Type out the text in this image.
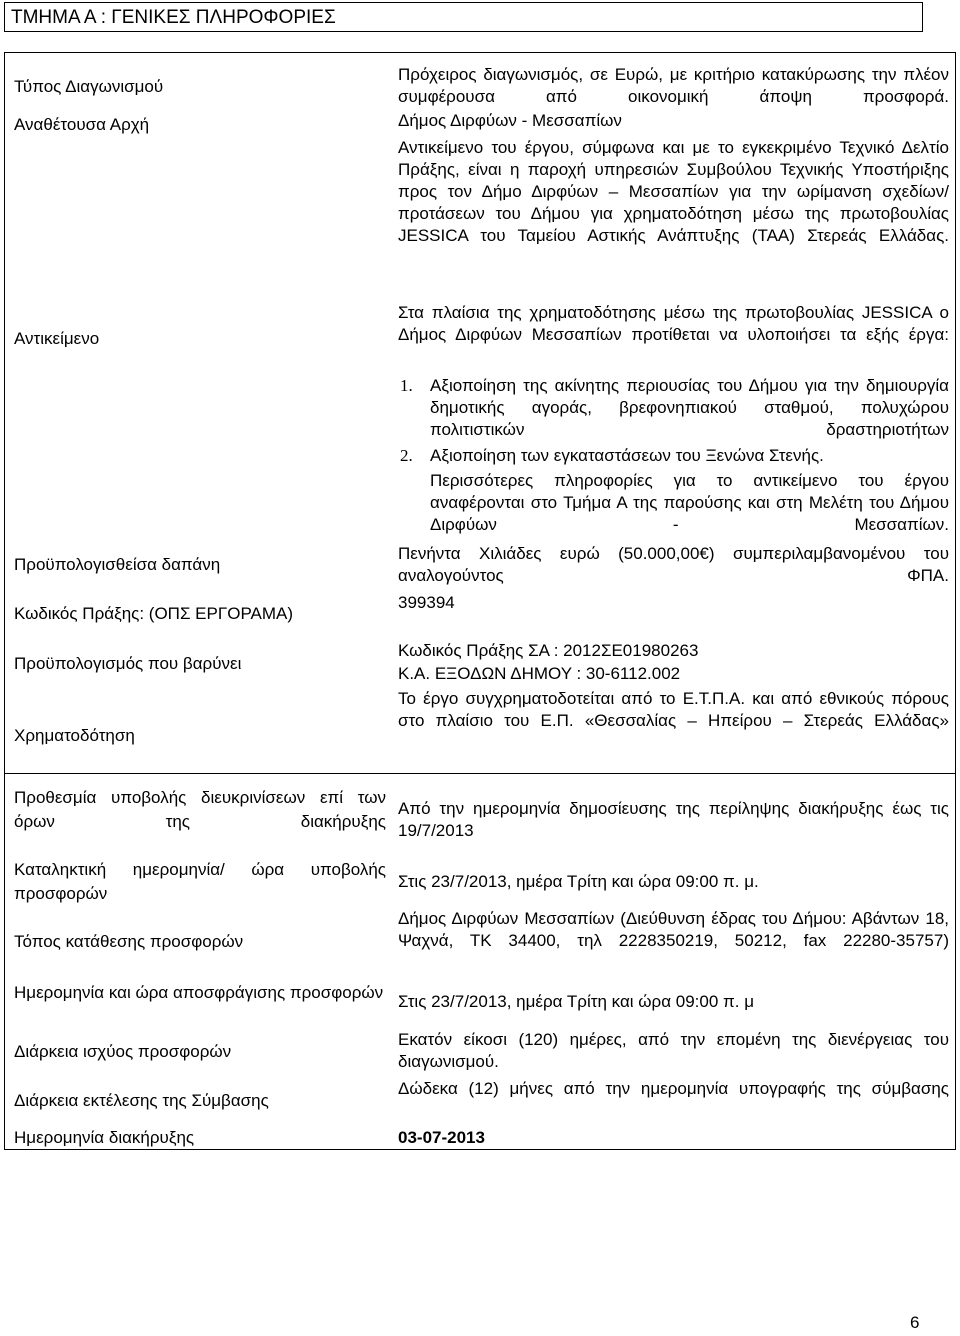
ΤΜΗΜΑ Α : ΓΕΝΙΚΕΣ ΠΛΗΡΟΦΟΡΙΕΣ

Τύπος Διαγωνισμού

Πρόχειρος διαγωνισμός, σε Ευρώ, με κριτήριο κατακύρωσης την πλέον συμφέρουσα από οικονομική άποψη προσφορά.

Αναθέτουσα Αρχή	Δήμος Διρφύων - Μεσσαπίων

Αντικείμενο

Αντικείμενο του έργου, σύμφωνα και με το εγκεκριμένο Τεχνικό Δελτίο Πράξης, είναι η παροχή υπηρεσιών Συμβούλου Τεχνικής Υποστήριξης προς τον Δήμο Διρφύων – Μεσσαπίων για την ωρίμανση σχεδίων/προτάσεων του Δήμου για χρηματοδότηση μέσω της πρωτοβουλίας JESSICA του Ταμείου Αστικής Ανάπτυξης (ΤΑΑ) Στερεάς Ελλάδας.

Στα πλαίσια της χρηματοδότησης μέσω της πρωτοβουλίας JESSICA ο Δήμος Διρφύων Μεσσαπίων προτίθεται να υλοποιήσει τα εξής έργα:

1. Αξιοποίηση της ακίνητης περιουσίας του Δήμου για την δημιουργία δημοτικής αγοράς, βρεφονηπιακού σταθμού, πολυχώρου πολιτιστικών δραστηριοτήτων
2. Αξιοποίηση των εγκαταστάσεων του Ξενώνα Στενής.

Περισσότερες πληροφορίες για το αντικείμενο του έργου αναφέρονται στο Τμήμα Α της παρούσης και στη Μελέτη του Δήμου Διρφύων - Μεσσαπίων.

Προϋπολογισθείσα δαπάνη

Πενήντα Χιλιάδες ευρώ (50.000,00€) συμπεριλαμβανομένου του αναλογούντος ΦΠΑ.

Κωδικός Πράξης: (ΟΠΣ ΕΡΓΟΡΑΜΑ)

399394

Προϋπολογισμός που βαρύνει

Κωδικός Πράξης ΣΑ : 2012ΣΕ01980263

Κ.Α. ΕΞΟΔΩΝ ΔΗΜΟΥ : 30-6112.002

Χρηματοδότηση

Το έργο συγχρηματοδοτείται από το Ε.Τ.Π.Α. και από εθνικούς πόρους στο πλαίσιο του Ε.Π. «Θεσσαλίας – Ηπείρου – Στερεάς Ελλάδας»

Προθεσμία υποβολής διευκρινίσεων επί των όρων της διακήρυξης

Από την ημερομηνία δημοσίευσης της περίληψης διακήρυξης έως τις 19/7/2013

Καταληκτική ημερομηνία/ ώρα υποβολής προσφορών

Στις 23/7/2013, ημέρα Τρίτη και ώρα 09:00 π. μ.

Τόπος κατάθεσης προσφορών

Δήμος Διρφύων Μεσσαπίων (Διεύθυνση έδρας του Δήμου: Αβάντων 18, Ψαχνά, ΤΚ 34400, τηλ 2228350219, 50212, fax 22280-35757)

Ημερομηνία και ώρα αποσφράγισης προσφορών Στις 23/7/2013, ημέρα Τρίτη και ώρα 09:00 π. μ

Διάρκεια ισχύος προσφορών

Εκατόν είκοσι (120) ημέρες, από την επομένη της διενέργειας του διαγωνισμού.

Διάρκεια εκτέλεσης της Σύμβασης

Δώδεκα (12) μήνες από την ημερομηνία υπογραφής της σύμβασης

Ημερομηνία διακήρυξης	03-07-2013

6
